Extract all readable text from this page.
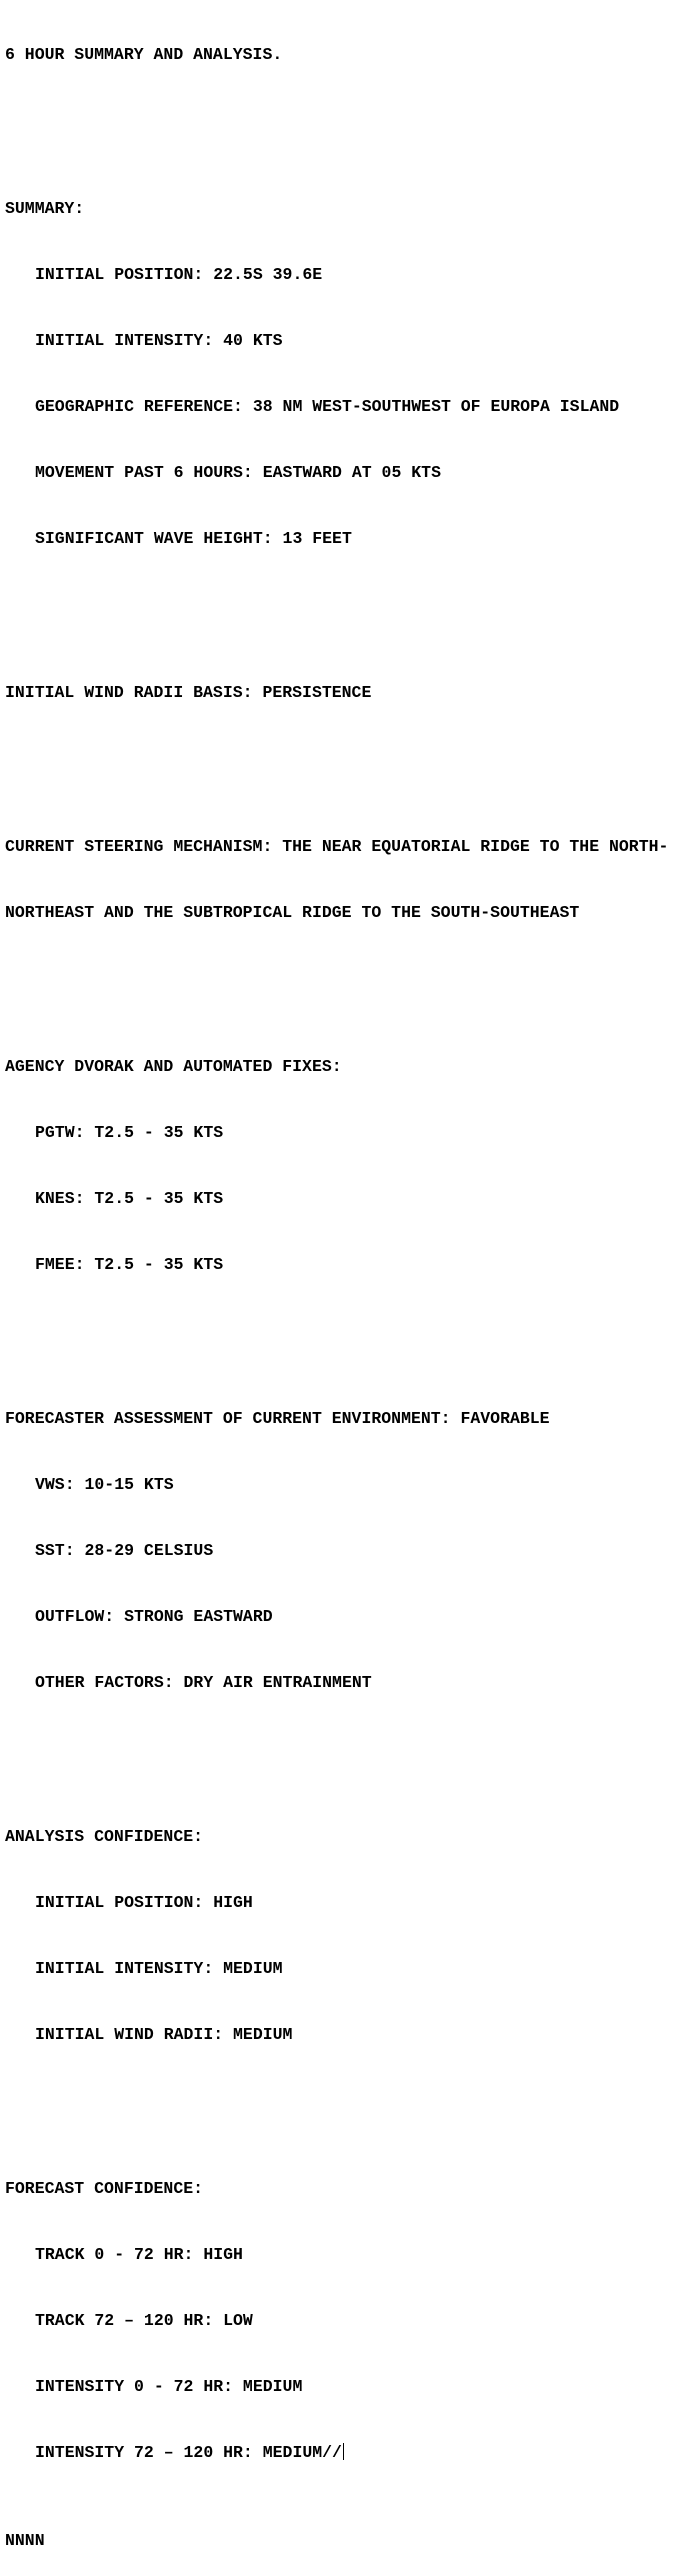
6 HOUR SUMMARY AND ANALYSIS.

SUMMARY:

INITIAL POSITION: 22.5S 39.6E

INITIAL INTENSITY: 40 KTS

GEOGRAPHIC REFERENCE: 38 NM WEST-SOUTHWEST OF EUROPA ISLAND

MOVEMENT PAST 6 HOURS: EASTWARD AT 05 KTS

SIGNIFICANT WAVE HEIGHT: 13 FEET

INITIAL WIND RADII BASIS: PERSISTENCE

CURRENT STEERING MECHANISM: THE NEAR EQUATORIAL RIDGE TO THE NORTH-

NORTHEAST AND THE SUBTROPICAL RIDGE TO THE SOUTH-SOUTHEAST

AGENCY DVORAK AND AUTOMATED FIXES:

PGTW: T2.5 - 35 KTS

KNES: T2.5 - 35 KTS

FMEE: T2.5 - 35 KTS

FORECASTER ASSESSMENT OF CURRENT ENVIRONMENT: FAVORABLE

VWS: 10-15 KTS

SST: 28-29 CELSIUS

OUTFLOW: STRONG EASTWARD

OTHER FACTORS: DRY AIR ENTRAINMENT

ANALYSIS CONFIDENCE:

INITIAL POSITION: HIGH

INITIAL INTENSITY: MEDIUM

INITIAL WIND RADII: MEDIUM

FORECAST CONFIDENCE:

TRACK 0 - 72 HR: HIGH

TRACK 72 – 120 HR: LOW

INTENSITY 0 - 72 HR: MEDIUM

INTENSITY 72 – 120 HR: MEDIUM//

NNNN
